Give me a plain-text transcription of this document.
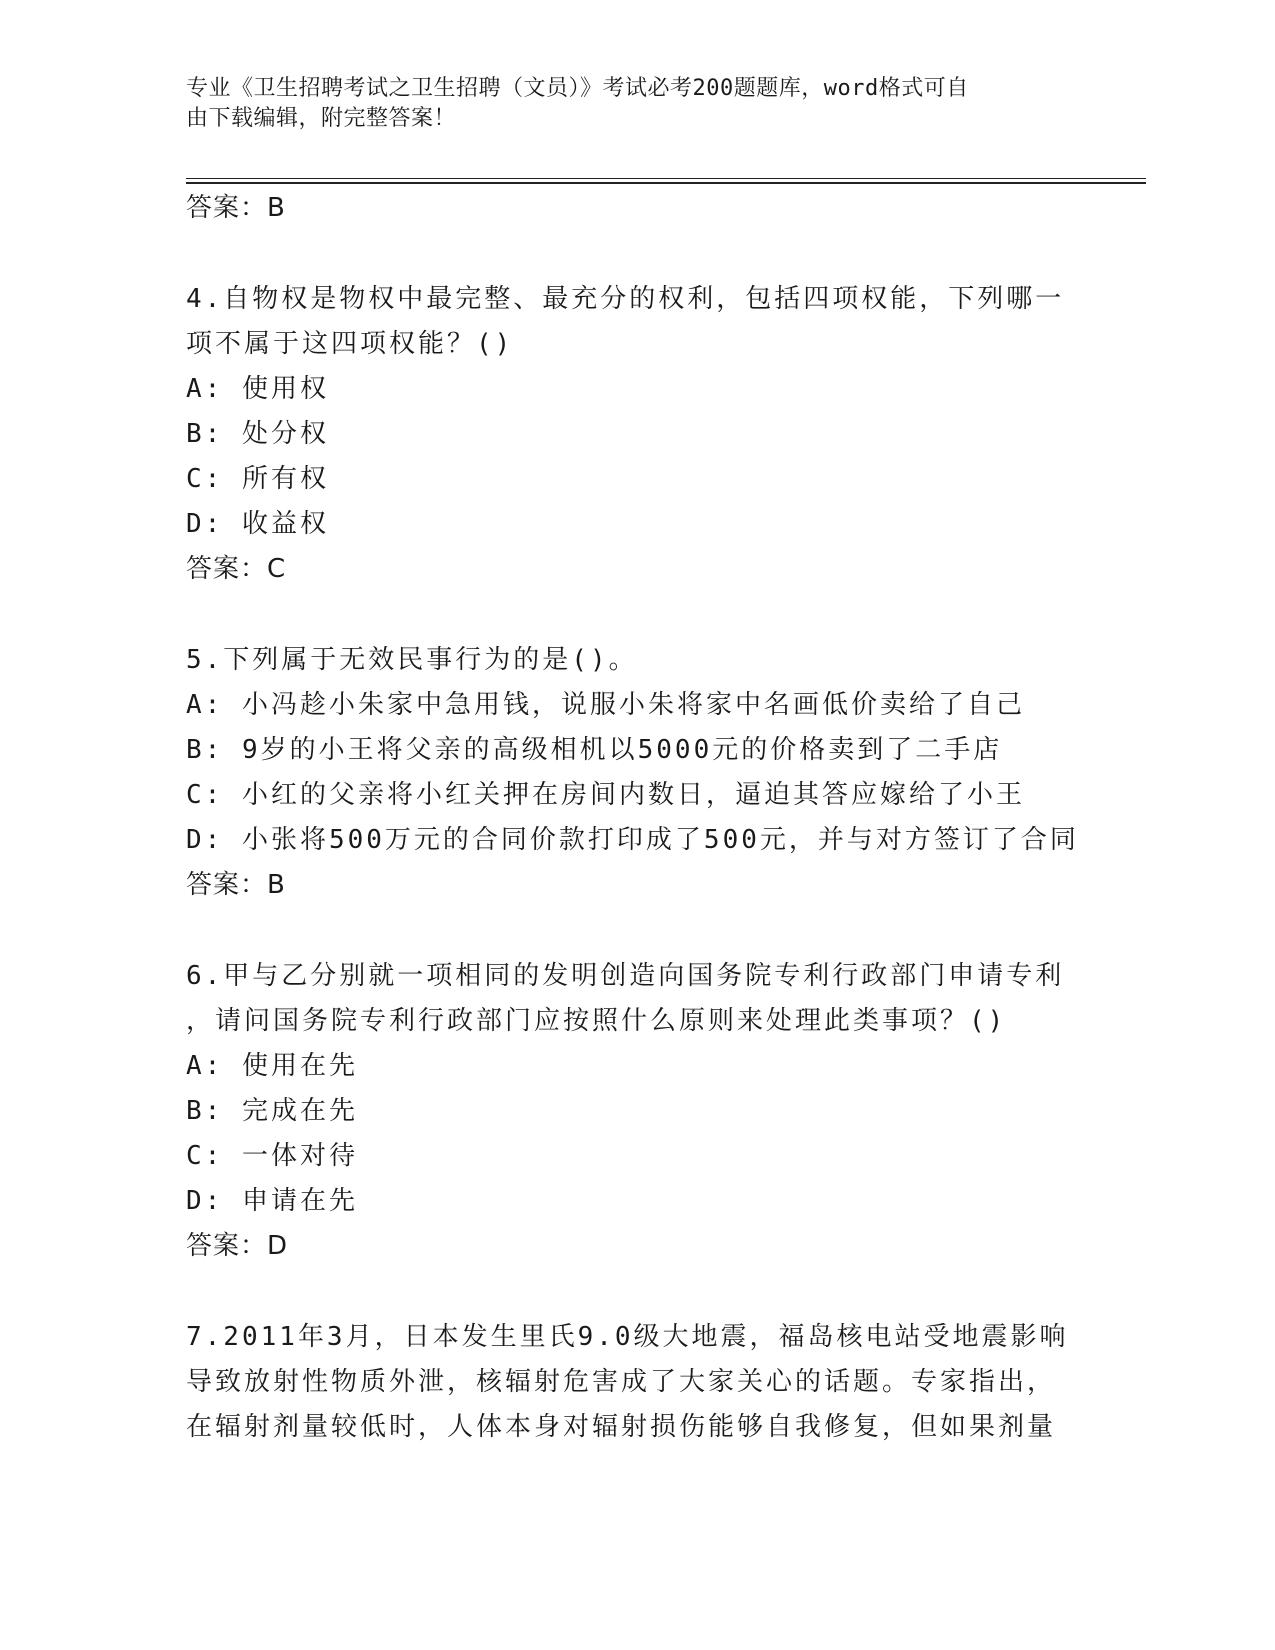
专业《卫生招聘考试之卫生招聘（文员）》考试必考200题题库，word格式可自
由下载编辑，附完整答案！
答案：B
4.自物权是物权中最完整、最充分的权利，包括四项权能，下列哪一
项不属于这四项权能？()
A: 使用权
B: 处分权
C: 所有权
D: 收益权
答案：C
5.下列属于无效民事行为的是()。
A: 小冯趁小朱家中急用钱，说服小朱将家中名画低价卖给了自己
B: 9岁的小王将父亲的高级相机以5000元的价格卖到了二手店
C: 小红的父亲将小红关押在房间内数日，逼迫其答应嫁给了小王
D: 小张将500万元的合同价款打印成了500元，并与对方签订了合同
答案：B
6.甲与乙分别就一项相同的发明创造向国务院专利行政部门申请专利
，请问国务院专利行政部门应按照什么原则来处理此类事项？()
A: 使用在先
B: 完成在先
C: 一体对待
D: 申请在先
答案：D
7.2011年3月，日本发生里氏9.0级大地震，福岛核电站受地震影响
导致放射性物质外泄，核辐射危害成了大家关心的话题。专家指出，
在辐射剂量较低时，人体本身对辐射损伤能够自我修复，但如果剂量
